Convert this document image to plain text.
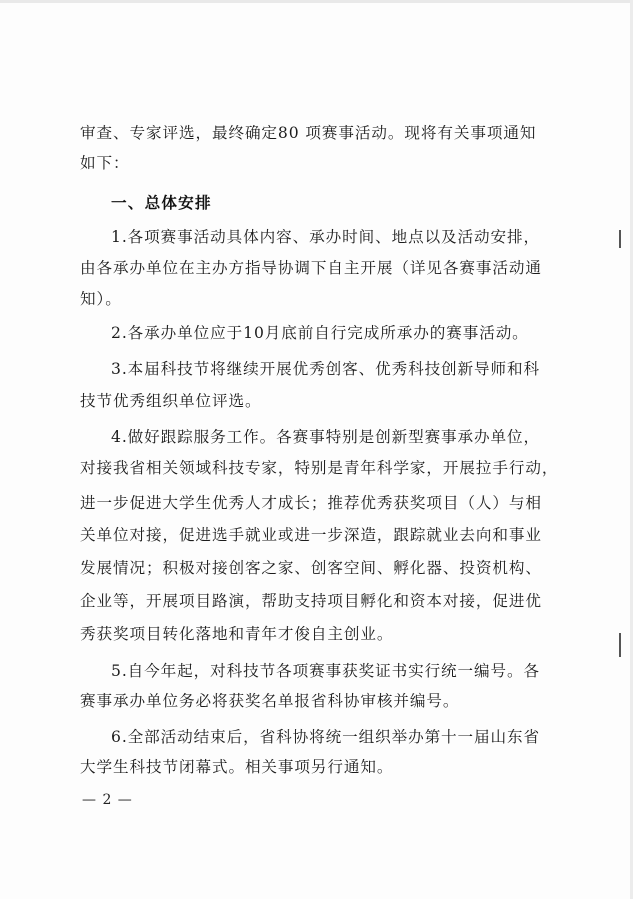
审查、专家评选，最终确定80 项赛事活动。现将有关事项通知
如下：
一、总体安排
1.各项赛事活动具体内容、承办时间、地点以及活动安排，
由各承办单位在主办方指导协调下自主开展（详见各赛事活动通
知）。
2.各承办单位应于10月底前自行完成所承办的赛事活动。
3.本届科技节将继续开展优秀创客、优秀科技创新导师和科
技节优秀组织单位评选。
4.做好跟踪服务工作。各赛事特别是创新型赛事承办单位，
对接我省相关领域科技专家，特别是青年科学家，开展拉手行动，
进一步促进大学生优秀人才成长；推荐优秀获奖项目（人）与相
关单位对接，促进选手就业或进一步深造，跟踪就业去向和事业
发展情况；积极对接创客之家、创客空间、孵化器、投资机构、
企业等，开展项目路演，帮助支持项目孵化和资本对接，促进优
秀获奖项目转化落地和青年才俊自主创业。
5.自今年起，对科技节各项赛事获奖证书实行统一编号。各
赛事承办单位务必将获奖名单报省科协审核并编号。
6.全部活动结束后，省科协将统一组织举办第十一届山东省
大学生科技节闭幕式。相关事项另行通知。
— 2 —
